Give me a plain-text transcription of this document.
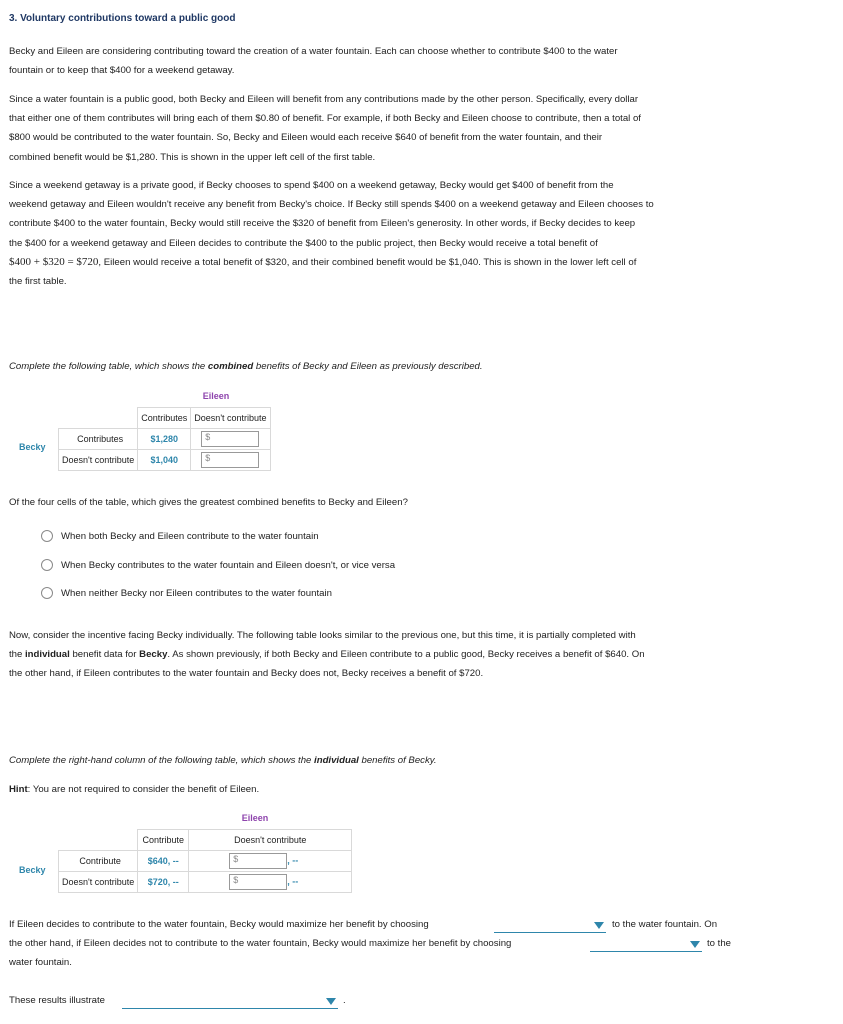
3. Voluntary contributions toward a public good
Becky and Eileen are considering contributing toward the creation of a water fountain. Each can choose whether to contribute $400 to the water
fountain or to keep that $400 for a weekend getaway.
Since a water fountain is a public good, both Becky and Eileen will benefit from any contributions made by the other person. Specifically, every dollar
that either one of them contributes will bring each of them $0.80 of benefit. For example, if both Becky and Eileen choose to contribute, then a total of
$800 would be contributed to the water fountain. So, Becky and Eileen would each receive $640 of benefit from the water fountain, and their
combined benefit would be $1,280. This is shown in the upper left cell of the first table.
Since a weekend getaway is a private good, if Becky chooses to spend $400 on a weekend getaway, Becky would get $400 of benefit from the
weekend getaway and Eileen wouldn't receive any benefit from Becky's choice. If Becky still spends $400 on a weekend getaway and Eileen chooses to
contribute $400 to the water fountain, Becky would still receive the $320 of benefit from Eileen's generosity. In other words, if Becky decides to keep
the $400 for a weekend getaway and Eileen decides to contribute the $400 to the public project, then Becky would receive a total benefit of
$400 + $320 = $720, Eileen would receive a total benefit of $320, and their combined benefit would be $1,040. This is shown in the lower left cell of
the first table.
Complete the following table, which shows the combined benefits of Becky and Eileen as previously described.
Eileen
Becky
	Contributes	Doesn't contribute
Contributes	$1,280	$

Doesn't contribute	$1,040	$
Of the four cells of the table, which gives the greatest combined benefits to Becky and Eileen?
When both Becky and Eileen contribute to the water fountain
When Becky contributes to the water fountain and Eileen doesn't, or vice versa
When neither Becky nor Eileen contributes to the water fountain
Now, consider the incentive facing Becky individually. The following table looks similar to the previous one, but this time, it is partially completed with
the individual benefit data for Becky. As shown previously, if both Becky and Eileen contribute to a public good, Becky receives a benefit of $640. On
the other hand, if Eileen contributes to the water fountain and Becky does not, Becky receives a benefit of $720.
Complete the right-hand column of the following table, which shows the individual benefits of Becky.
Hint: You are not required to consider the benefit of Eileen.
Eileen
Becky
	Contribute	Doesn't contribute
Contribute	$640, --	$ , --
Doesn't contribute	$720, --	$ , --
If Eileen decides to contribute to the water fountain, Becky would maximize her benefit by choosing	to the water fountain. On
the other hand, if Eileen decides not to contribute to the water fountain, Becky would maximize her benefit by choosing	to the
water fountain.
These results illustrate	.
